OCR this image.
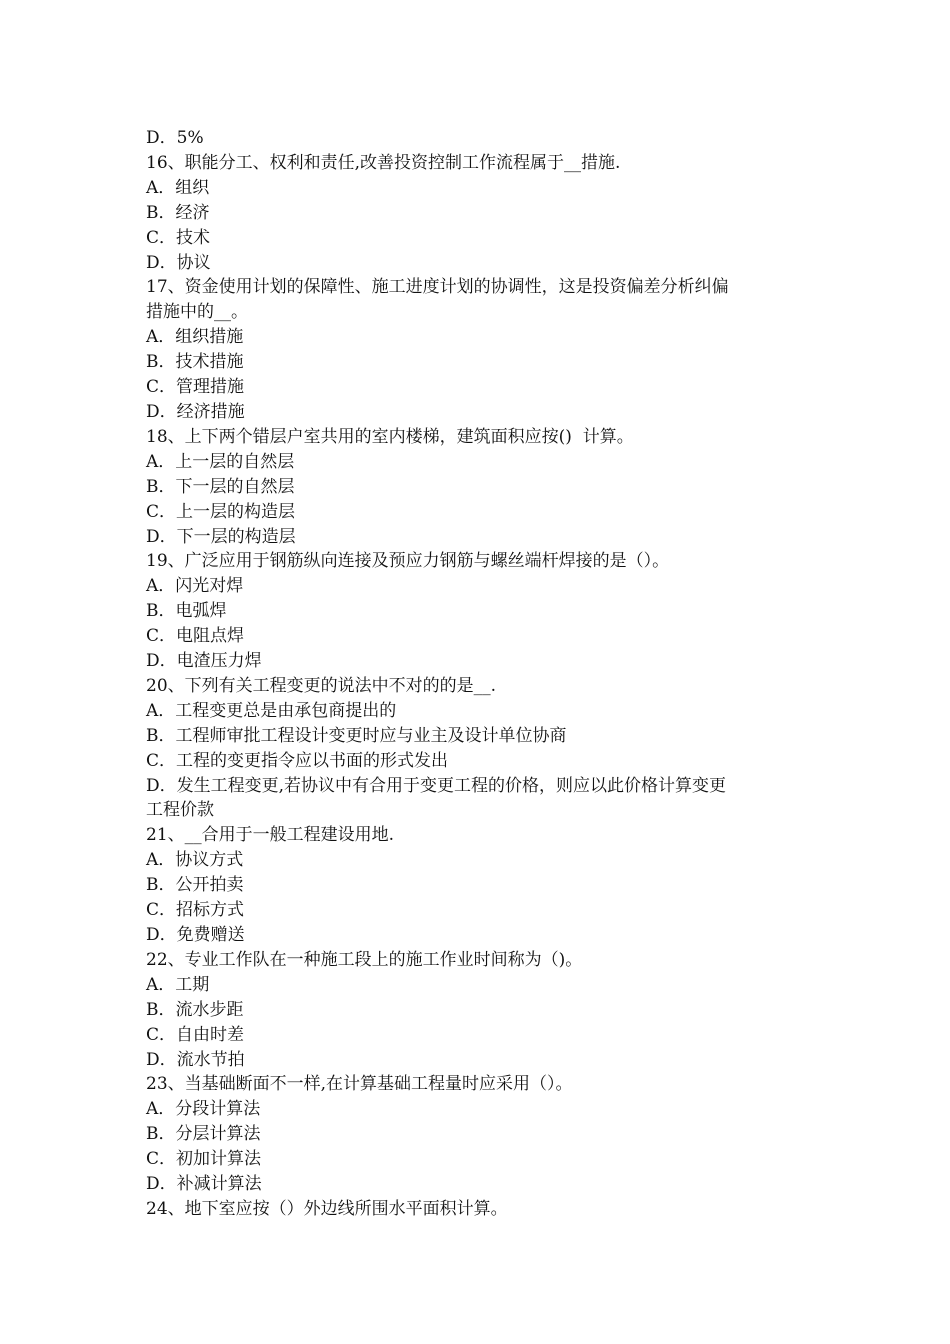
D．5%

16、职能分工、权利和责任,改善投资控制工作流程属于__措施.

A．组织

B．经济

C．技术

D．协议

17、资金使用计划的保障性、施工进度计划的协调性，这是投资偏差分析纠偏

措施中的__。

A．组织措施

B．技术措施

C．管理措施

D．经济措施

18、上下两个错层户室共用的室内楼梯，建筑面积应按()  计算。

A．上一层的自然层

B．下一层的自然层

C．上一层的构造层

D．下一层的构造层

19、广泛应用于钢筋纵向连接及预应力钢筋与螺丝端杆焊接的是（）。

A．闪光对焊

B．电弧焊

C．电阻点焊

D．电渣压力焊

20、下列有关工程变更的说法中不对的的是__.

A．工程变更总是由承包商提出的

B．工程师审批工程设计变更时应与业主及设计单位协商

C．工程的变更指令应以书面的形式发出

D．发生工程变更,若协议中有合用于变更工程的价格，则应以此价格计算变更

工程价款

21、__合用于一般工程建设用地.

A．协议方式

B．公开拍卖

C．招标方式

D．免费赠送

22、专业工作队在一种施工段上的施工作业时间称为（)。

A．工期

B．流水步距

C．自由时差

D．流水节拍

23、当基础断面不一样,在计算基础工程量时应采用（）。

A．分段计算法

B．分层计算法

C．初加计算法

D．补减计算法

24、地下室应按（）外边线所围水平面积计算。
